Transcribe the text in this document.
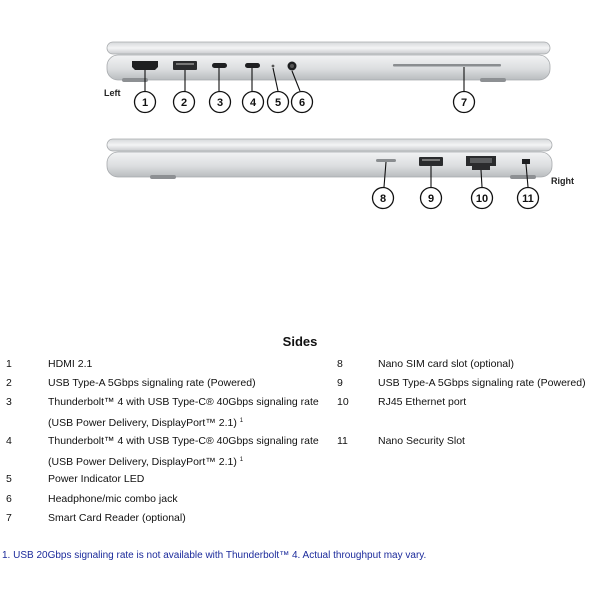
Left
1	2	3 4 5 6	7
Right
8	9	10	11
Sides
1	HDMI 2.1
2	USB Type-A 5Gbps signaling rate (Powered)
3	Thunderbolt™ 4 with USB Type-C® 40Gbps signaling rate
(USB Power Delivery, DisplayPort™ 2.1) $^1$
4	Thunderbolt™ 4 with USB Type-C® 40Gbps signaling rate
(USB Power Delivery, DisplayPort™ 2.1) $^1$
5	Power Indicator LED
6	Headphone/mic combo jack
7	Smart Card Reader (optional)
8	Nano SIM card slot (optional)
9	USB Type-A 5Gbps signaling rate (Powered)
10	RJ45 Ethernet port
11	Nano Security Slot
1. USB 20Gbps signaling rate is not available with Thunderbolt™ 4. Actual throughput may vary.
